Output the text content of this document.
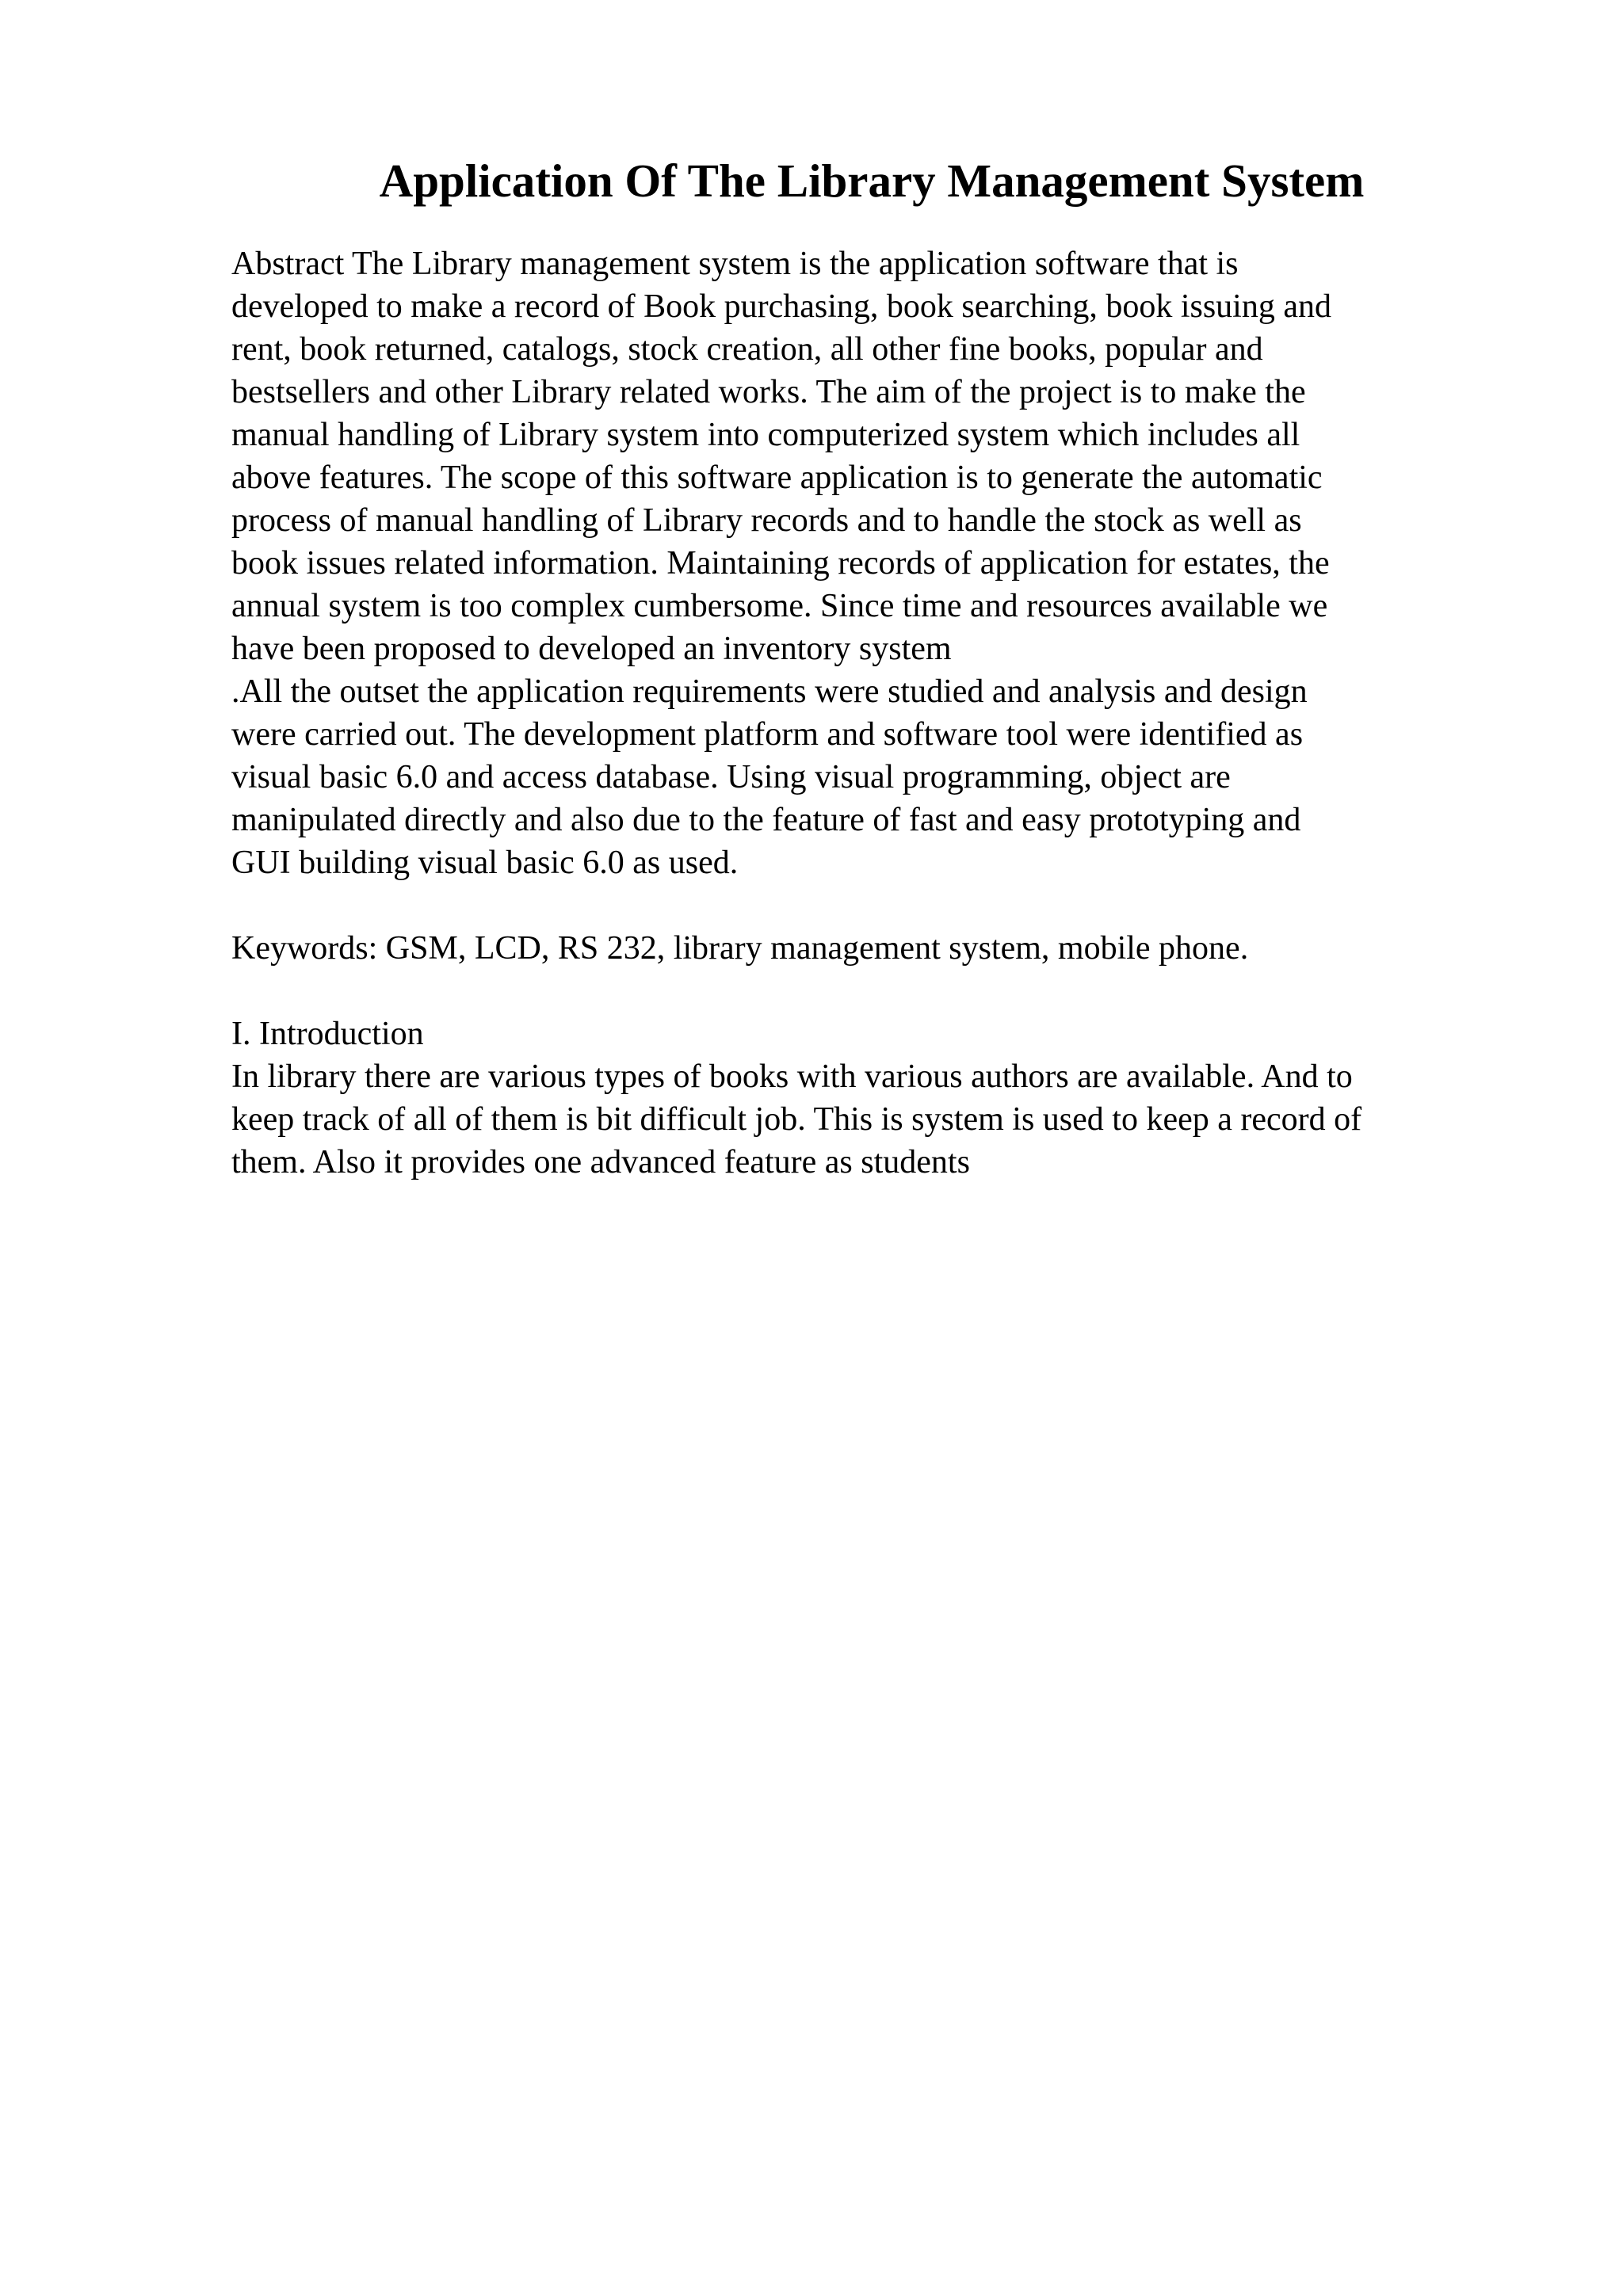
Application Of The Library Management System
Abstract The Library management system is the application software that is
developed to make a record of Book purchasing, book searching, book issuing and
rent, book returned, catalogs, stock creation, all other fine books, popular and
bestsellers and other Library related works. The aim of the project is to make the
manual handling of Library system into computerized system which includes all
above features. The scope of this software application is to generate the automatic
process of manual handling of Library records and to handle the stock as well as
book issues related information. Maintaining records of application for estates, the
annual system is too complex cumbersome. Since time and resources available we
have been proposed to developed an inventory system
.All the outset the application requirements were studied and analysis and design
were carried out. The development platform and software tool were identified as
visual basic 6.0 and access database. Using visual programming, object are
manipulated directly and also due to the feature of fast and easy prototyping and
GUI building visual basic 6.0 as used.
Keywords: GSM, LCD, RS 232, library management system, mobile phone.
I. Introduction
In library there are various types of books with various authors are available. And to
keep track of all of them is bit difficult job. This is system is used to keep a record of
them. Also it provides one advanced feature as students
